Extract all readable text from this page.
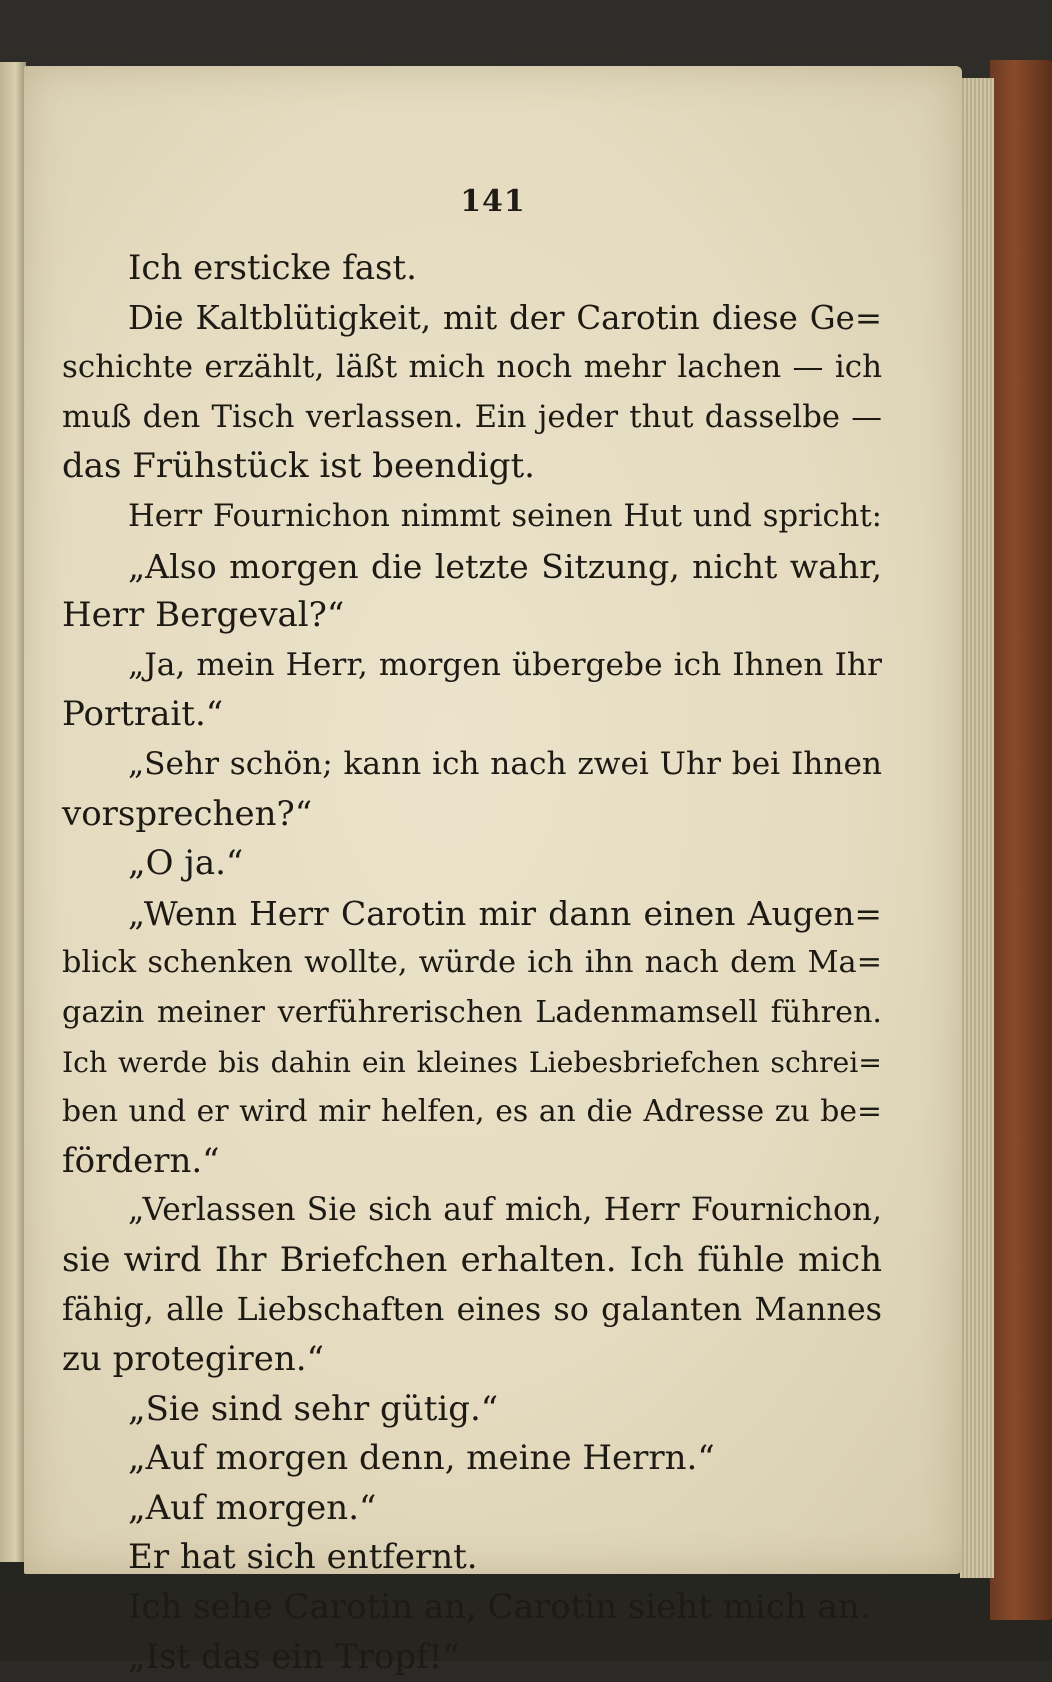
141
Ich ersticke fast.
Die Kaltblütigkeit, mit der Carotin diese Ge=
schichte erzählt, läßt mich noch mehr lachen — ich
muß den Tisch verlassen. Ein jeder thut dasselbe —
das Frühstück ist beendigt.
Herr Fournichon nimmt seinen Hut und spricht:
„Also morgen die letzte Sitzung, nicht wahr,
Herr Bergeval?“
„Ja, mein Herr, morgen übergebe ich Ihnen Ihr
Portrait.“
„Sehr schön; kann ich nach zwei Uhr bei Ihnen
vorsprechen?“
„O ja.“
„Wenn Herr Carotin mir dann einen Augen=
blick schenken wollte, würde ich ihn nach dem Ma=
gazin meiner verführerischen Ladenmamsell führen.
Ich werde bis dahin ein kleines Liebesbriefchen schrei=
ben und er wird mir helfen, es an die Adresse zu be=
fördern.“
„Verlassen Sie sich auf mich, Herr Fournichon,
sie wird Ihr Briefchen erhalten. Ich fühle mich
fähig, alle Liebschaften eines so galanten Mannes
zu protegiren.“
„Sie sind sehr gütig.“
„Auf morgen denn, meine Herrn.“
„Auf morgen.“
Er hat sich entfernt.
Ich sehe Carotin an, Carotin sieht mich an.
„Ist das ein Tropf!“
